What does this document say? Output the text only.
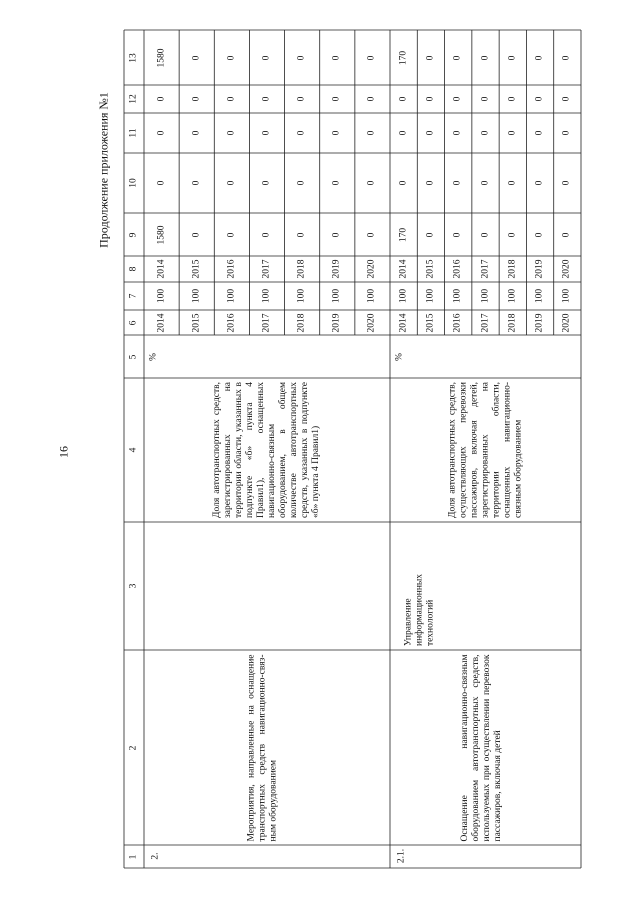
16
Продолжение приложения №1
1
2
3
4
5
6
7
8
9
10
11
12
13
2.
Мероприятия, направленные на оснащение транспортных средств навигационно-связ-ным оборудованием
Доля автотранспортных средств, зарегистрированных на территории области, указанных в подпункте «б» пункта 4 Правил1), оснащенных навигационно-связным оборудованием, в общем количестве автотранспортных средств, указанных в подпункте «б» пункта 4 Правил1)
%
2014
100
2014
1580
0
0
0
1580
2015
100
2015
0
0
0
0
0
2016
100
2016
0
0
0
0
0
2017
100
2017
0
0
0
0
0
2018
100
2018
0
0
0
0
0
2019
100
2019
0
0
0
0
0
2020
100
2020
0
0
0
0
0
2.1.
Оснащение навигационно-связным оборудованием автотранспортных средств, используемых при осуществлении перевозок пассажиров, включая детей
Управление информационных технологий
Доля автотранспортных средств, осуществляющих перевозки пассажиров, включая детей, зарегистрированных на территории области, оснащенных навигационно-связным оборудованием
%
2014
100
2014
170
0
0
0
170
2015
100
2015
0
0
0
0
0
2016
100
2016
0
0
0
0
0
2017
100
2017
0
0
0
0
0
2018
100
2018
0
0
0
0
0
2019
100
2019
0
0
0
0
0
2020
100
2020
0
0
0
0
0
